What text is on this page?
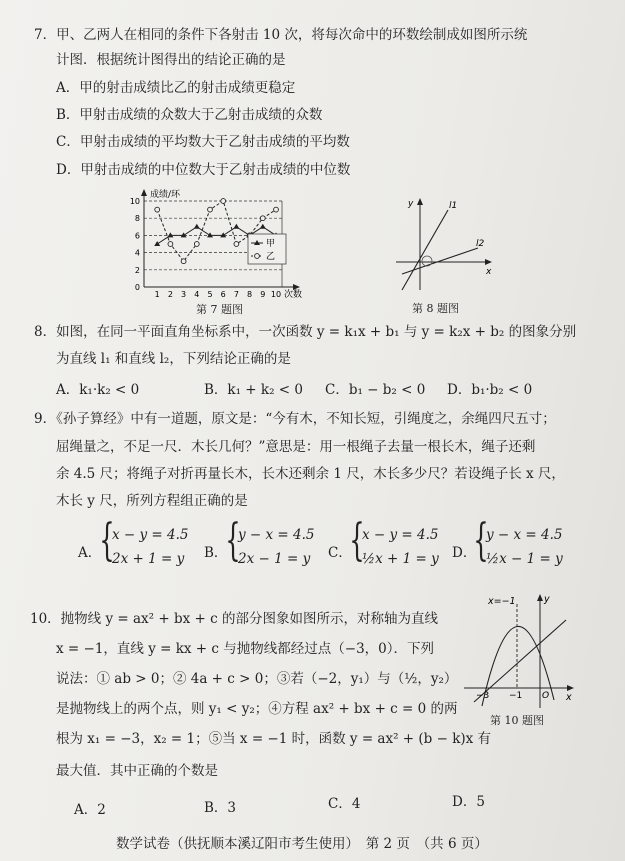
7．甲、乙两人在相同的条件下各射击 10 次，将每次命中的环数绘制成如图所示统
计图．根据统计图得出的结论正确的是
A．甲的射击成绩比乙的射击成绩更稳定
B．甲射击成绩的众数大于乙射击成绩的众数
C．甲射击成绩的平均数大于乙射击成绩的平均数
D．甲射击成绩的中位数大于乙射击成绩的中位数
2
4
6
8
10
0
1 2 3 4 5 6 7 8 9 10
成绩/环
次数
甲
乙
第 7 题图
y	l1
l2
x
第 8 题图
8．如图，在同一平面直角坐标系中，一次函数 y = k₁x + b₁ 与 y = k₂x + b₂ 的图象分别
为直线 l₁ 和直线 l₂，下列结论正确的是
A．k₁·k₂ < 0	B．k₁ + k₂ < 0 C．b₁ − b₂ < 0 D．b₁·b₂ < 0
9．《孙子算经》中有一道题，原文是：“今有木，不知长短，引绳度之，余绳四尺五寸；
屈绳量之，不足一尺．木长几何？”意思是：用一根绳子去量一根长木，绳子还剩
余 4.5 尺；将绳子对折再量长木，长木还剩余 1 尺，木长多少尺？若设绳子长 x 尺，
木长 y 尺，所列方程组正确的是
A．
{
x − y = 4.5
2x + 1 = y B．
{
y − x = 4.5
2x − 1 = y C．
{
x − y = 4.5
½x + 1 = y D．
{
y − x = 4.5
½x − 1 = y
10．抛物线 y = ax² + bx + c 的部分图象如图所示，对称轴为直线
x = −1，直线 y = kx + c 与抛物线都经过点（−3，0）．下列
说法：① ab > 0；② 4a + c > 0；③若（−2，y₁）与（½，y₂）
是抛物线上的两个点，则 y₁ < y₂；④方程 ax² + bx + c = 0 的两
根为 x₁ = −3，x₂ = 1；⑤当 x = −1 时，函数 y = ax² + (b − k)x 有
最大值．其中正确的个数是
A．2	B．3	C．4	D．5
x=−1	y
x
−3 −1 O
第 10 题图
数学试卷（供抚顺本溪辽阳市考生使用）　第 2 页　（共 6 页）
